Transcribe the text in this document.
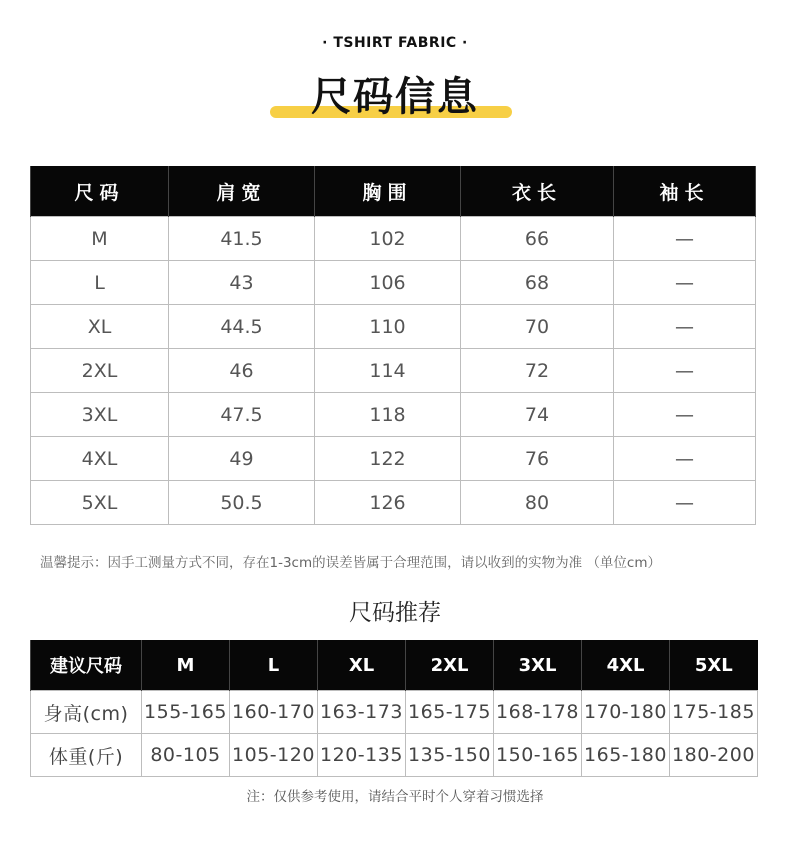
· TSHIRT FABRIC ·
尺码信息
尺码	肩宽	胸围	衣长	袖长
M	41.5	102	66	—
L	43	106	68	—
XL	44.5	110	70	—
2XL	46	114	72	—
3XL	47.5	118	74	—
4XL	49	122	76	—
5XL	50.5	126	80	—
温馨提示：因手工测量方式不同，存在1-3cm的误差皆属于合理范围，请以收到的实物为准 （单位cm）
尺码推荐
建议尺码	M	L	XL	2XL	3XL	4XL	5XL
身高(cm)	155-165	160-170	163-173	165-175	168-178	170-180	175-185
体重(斤)	80-105	105-120	120-135	135-150	150-165	165-180	180-200
注：仅供参考使用，请结合平时个人穿着习惯选择
